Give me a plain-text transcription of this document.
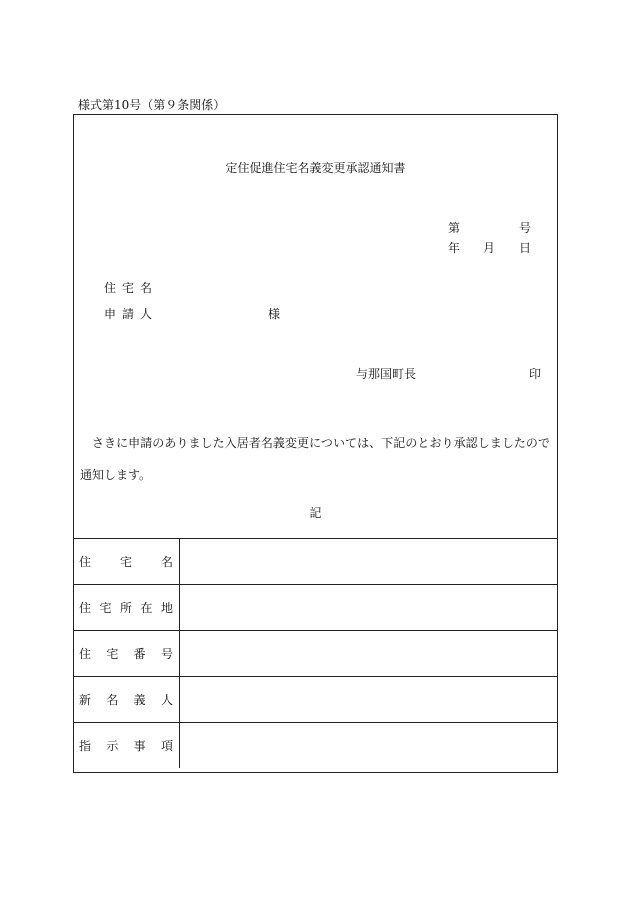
様式第10号（第９条関係）
定住促進住宅名義変更承認通知書
第	号
年 月 日
住宅名
申請人	様
与那国町長	印
さきに申請のありました入居者名義変更については、下記のとおり承認しましたので通知します。
記
住 宅 名	

住 宅 所 在 地	

住 宅 番 号	

新 名 義 人	

指 示 事 項	
